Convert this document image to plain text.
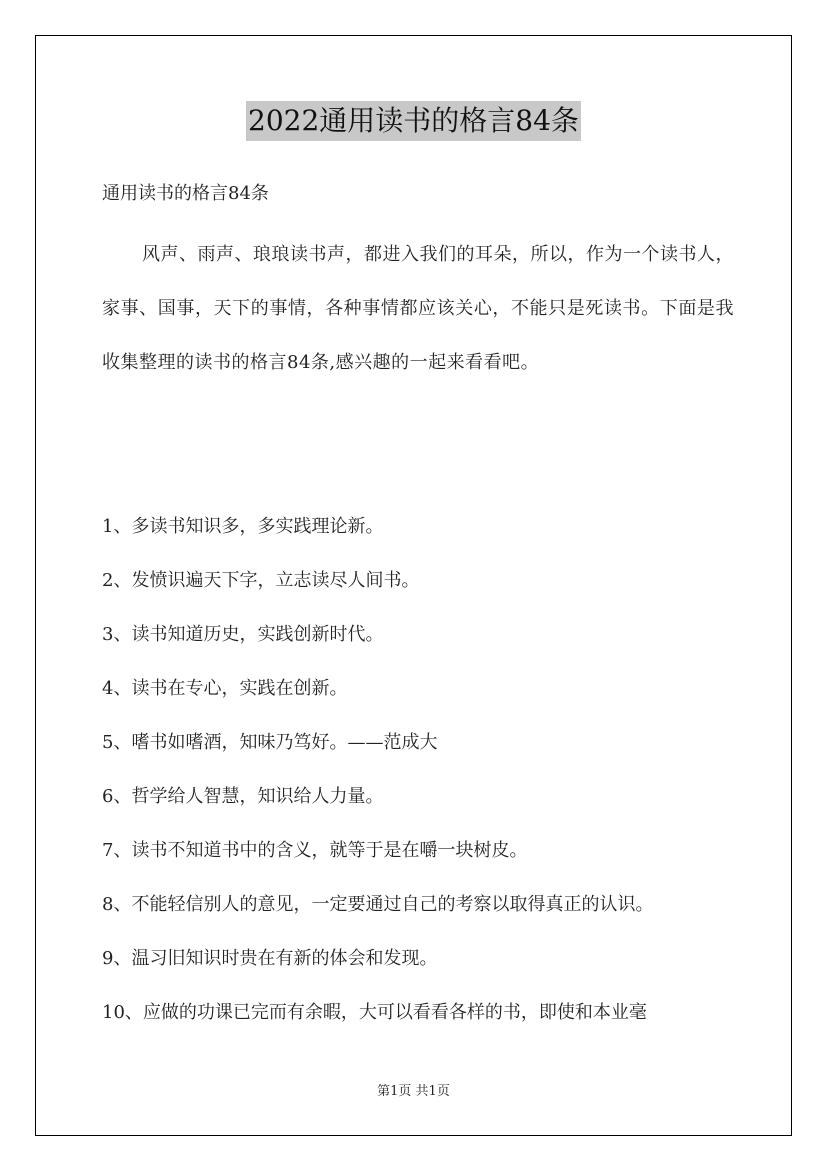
2022通用读书的格言84条
通用读书的格言84条

风声、雨声、琅琅读书声，都进入我们的耳朵，所以，作为一个读书人，家事、国事，天下的事情，各种事情都应该关心，不能只是死读书。下面是我收集整理的读书的格言84条,感兴趣的一起来看看吧。

1、多读书知识多，多实践理论新。
2、发愤识遍天下字，立志读尽人间书。
3、读书知道历史，实践创新时代。
4、读书在专心，实践在创新。
5、嗜书如嗜酒，知味乃笃好。——范成大
6、哲学给人智慧，知识给人力量。
7、读书不知道书中的含义，就等于是在嚼一块树皮。
8、不能轻信别人的意见，一定要通过自己的考察以取得真正的认识。
9、温习旧知识时贵在有新的体会和发现。
10、应做的功课已完而有余暇，大可以看看各样的书，即使和本业毫
第1页 共1页
